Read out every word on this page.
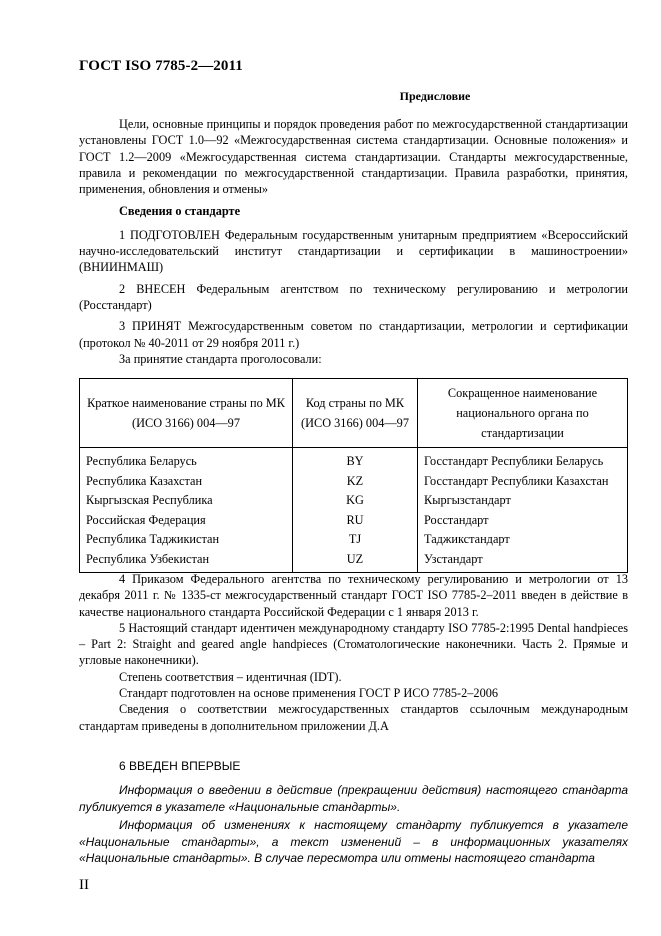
ГОСТ ISO 7785-2—2011
Предисловие

Цели, основные принципы и порядок проведения работ по межгосударственной стандартизации установлены ГОСТ 1.0—92 «Межгосударственная система стандартизации. Основные положения» и ГОСТ 1.2—2009 «Межгосударственная система стандартизации. Стандарты межгосударственные, правила и рекомендации по межгосударственной стандартизации. Правила разработки, принятия, применения, обновления и отмены»

Сведения о стандарте

1 ПОДГОТОВЛЕН Федеральным государственным унитарным предприятием «Всероссийский научно-исследовательский институт стандартизации и сертификации в машиностроении» (ВНИИНМАШ)

2 ВНЕСЕН Федеральным агентством по техническому регулированию и метрологии (Росстандарт)

3 ПРИНЯТ Межгосударственным советом по стандартизации, метрологии и сертификации (протокол № 40-2011 от 29 ноября 2011 г.)

За принятие стандарта проголосовали:

Краткое наименование страны по МК (ИСО 3166) 004—97	Код страны по МК (ИСО 3166) 004—97	Сокращенное наименование национального органа по стандартизации
Республика Беларусь	BY	Госстандарт Республики Беларусь
Республика Казахстан	KZ	Госстандарт Республики Казахстан
Кыргызская Республика	KG	Кыргызстандарт
Российская Федерация	RU	Росстандарт
Республика Таджикистан	TJ	Таджикстандарт
Республика Узбекистан	UZ	Узстандарт

4 Приказом Федерального агентства по техническому регулированию и метрологии от 13 декабря 2011 г. № 1335-ст межгосударственный стандарт ГОСТ ISO 7785-2–2011 введен в действие в качестве национального стандарта Российской Федерации с 1 января 2013 г.

5 Настоящий стандарт идентичен международному стандарту ISO 7785-2:1995 Dental handpieces – Part 2: Straight and geared angle handpieces (Стоматологические наконечники. Часть 2. Прямые и угловые наконечники).

Степень соответствия – идентичная (IDT).

Стандарт подготовлен на основе применения ГОСТ Р ИСО 7785-2–2006

Сведения о соответствии межгосударственных стандартов ссылочным международным стандартам приведены в дополнительном приложении Д.А

6 ВВЕДЕН ВПЕРВЫЕ

Информация о введении в действие (прекращении действия) настоящего стандарта публикуется в указателе «Национальные стандарты».

Информация об изменениях к настоящему стандарту публикуется в указателе «Национальные стандарты», а текст изменений – в информационных указателях «Национальные стандарты». В случае пересмотра или отмены настоящего стандарта

II
